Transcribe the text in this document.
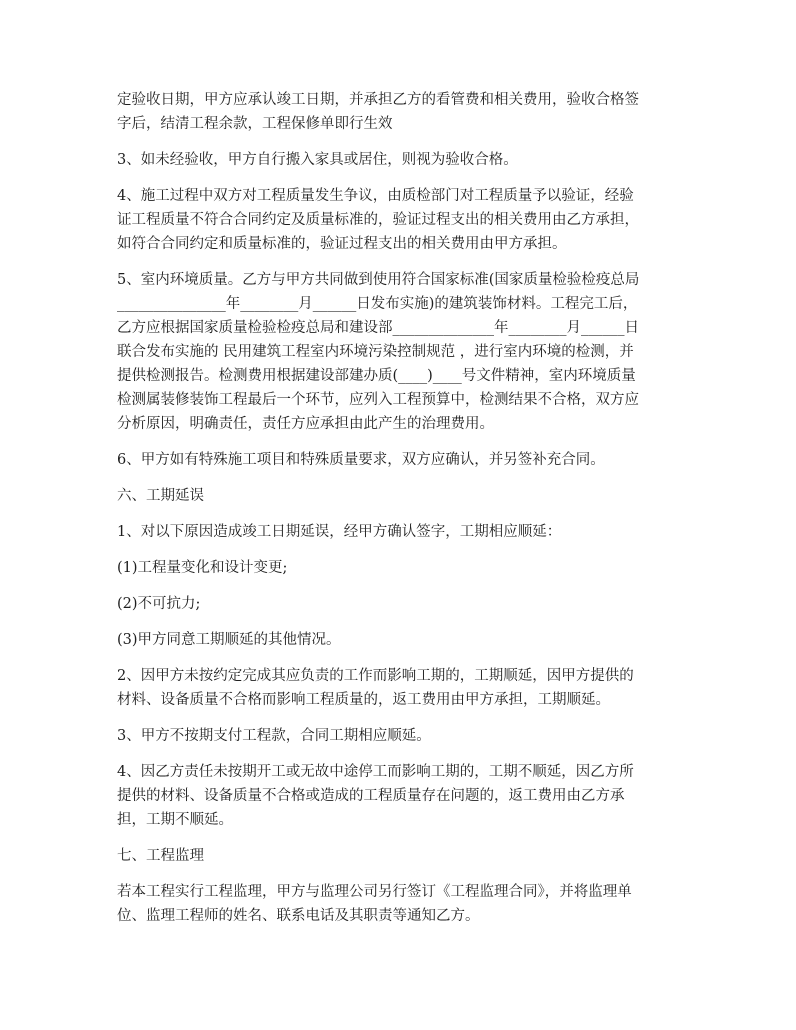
定验收日期，甲方应承认竣工日期，并承担乙方的看管费和相关费用，验收合格签
字后，结清工程余款，工程保修单即行生效

3、如未经验收，甲方自行搬入家具或居住，则视为验收合格。

4、施工过程中双方对工程质量发生争议，由质检部门对工程质量予以验证，经验
证工程质量不符合合同约定及质量标准的，验证过程支出的相关费用由乙方承担，
如符合合同约定和质量标准的，验证过程支出的相关费用由甲方承担。

5、室内环境质量。乙方与甲方共同做到使用符合国家标准(国家质量检验检疫总局
_______________年________月______日发布实施)的建筑装饰材料。工程完工后，
乙方应根据国家质量检验检疫总局和建设部______________年________月______日
联合发布实施的 民用建筑工程室内环境污染控制规范 ，进行室内环境的检测，并
提供检测报告。检测费用根据建设部建办质(____)____号文件精神，室内环境质量
检测属装修装饰工程最后一个环节，应列入工程预算中，检测结果不合格，双方应
分析原因，明确责任，责任方应承担由此产生的治理费用。

6、甲方如有特殊施工项目和特殊质量要求，双方应确认，并另签补充合同。

六、工期延误

1、对以下原因造成竣工日期延误，经甲方确认签字，工期相应顺延：

(1)工程量变化和设计变更;

(2)不可抗力;

(3)甲方同意工期顺延的其他情况。

2、因甲方未按约定完成其应负责的工作而影响工期的，工期顺延，因甲方提供的
材料、设备质量不合格而影响工程质量的，返工费用由甲方承担，工期顺延。

3、甲方不按期支付工程款，合同工期相应顺延。

4、因乙方责任未按期开工或无故中途停工而影响工期的，工期不顺延，因乙方所
提供的材料、设备质量不合格或造成的工程质量存在问题的，返工费用由乙方承
担，工期不顺延。

七、工程监理

若本工程实行工程监理，甲方与监理公司另行签订《工程监理合同》，并将监理单
位、监理工程师的姓名、联系电话及其职责等通知乙方。
